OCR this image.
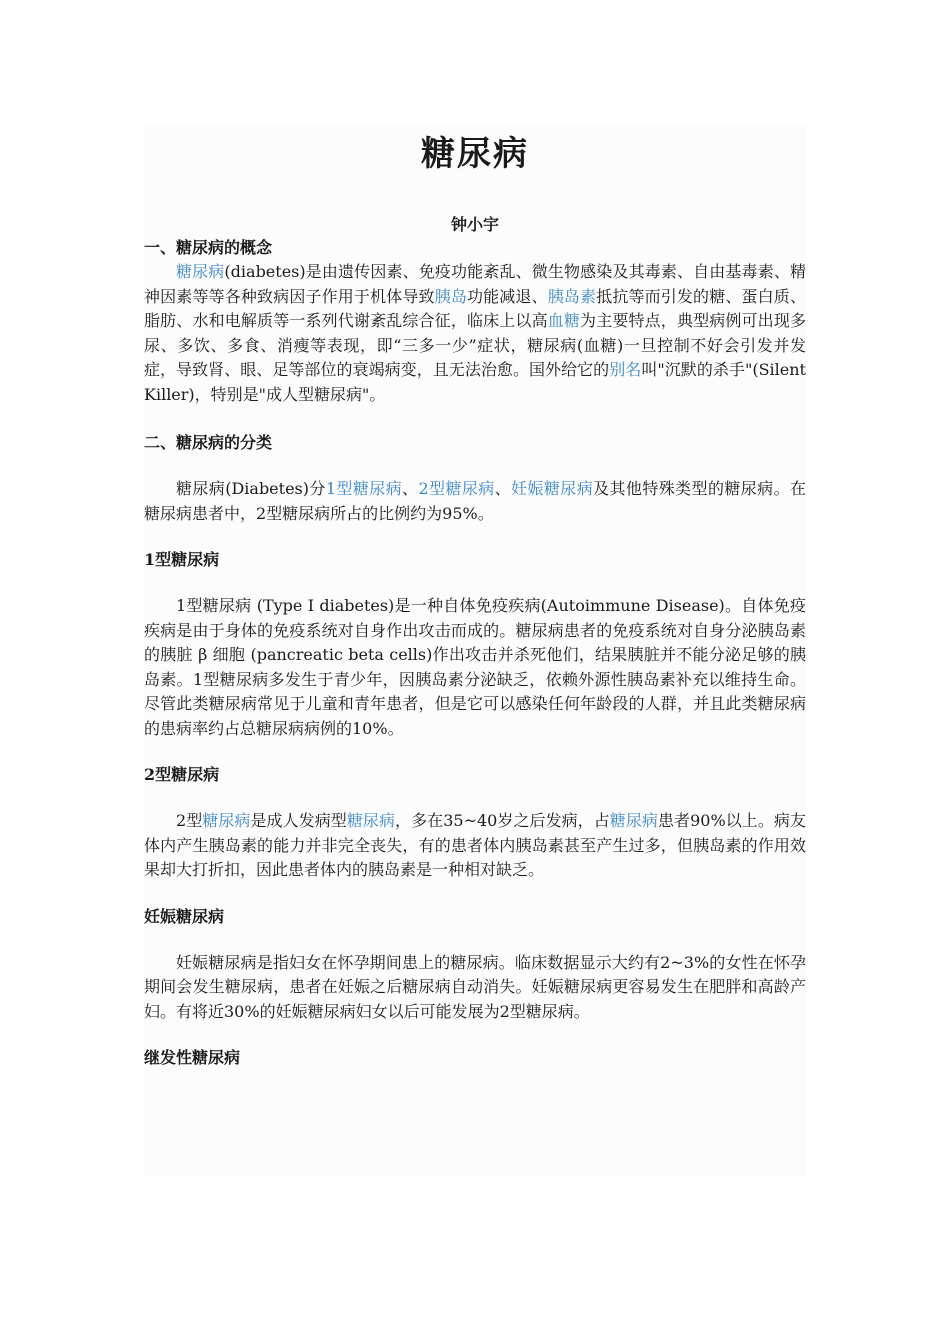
糖尿病
钟小宇
一、糖尿病的概念

糖尿病(diabetes)是由遗传因素、免疫功能紊乱、微生物感染及其毒素、自由基毒素、精神因素等等各种致病因子作用于机体导致胰岛功能减退、胰岛素抵抗等而引发的糖、蛋白质、脂肪、水和电解质等一系列代谢紊乱综合征，临床上以高血糖为主要特点，典型病例可出现多尿、多饮、多食、消瘦等表现，即“三多一少”症状，糖尿病(血糖)一旦控制不好会引发并发症，导致肾、眼、足等部位的衰竭病变，且无法治愈。国外给它的别名叫"沉默的杀手"(Silent Killer)，特别是"成人型糖尿病"。

二、糖尿病的分类

糖尿病(Diabetes)分1型糖尿病、2型糖尿病、妊娠糖尿病及其他特殊类型的糖尿病。在糖尿病患者中，2型糖尿病所占的比例约为95%。

1型糖尿病

1型糖尿病 (Type I diabetes)是一种自体免疫疾病(Autoimmune Disease)。自体免疫疾病是由于身体的免疫系统对自身作出攻击而成的。糖尿病患者的免疫系统对自身分泌胰岛素的胰脏 β 细胞 (pancreatic beta cells)作出攻击并杀死他们，结果胰脏并不能分泌足够的胰岛素。1型糖尿病多发生于青少年，因胰岛素分泌缺乏，依赖外源性胰岛素补充以维持生命。尽管此类糖尿病常见于儿童和青年患者，但是它可以感染任何年龄段的人群，并且此类糖尿病的患病率约占总糖尿病病例的10%。

2型糖尿病

2型糖尿病是成人发病型糖尿病，多在35~40岁之后发病，占糖尿病患者90%以上。病友体内产生胰岛素的能力并非完全丧失，有的患者体内胰岛素甚至产生过多，但胰岛素的作用效果却大打折扣，因此患者体内的胰岛素是一种相对缺乏。

妊娠糖尿病

妊娠糖尿病是指妇女在怀孕期间患上的糖尿病。临床数据显示大约有2~3%的女性在怀孕期间会发生糖尿病，患者在妊娠之后糖尿病自动消失。妊娠糖尿病更容易发生在肥胖和高龄产妇。有将近30%的妊娠糖尿病妇女以后可能发展为2型糖尿病。

继发性糖尿病
